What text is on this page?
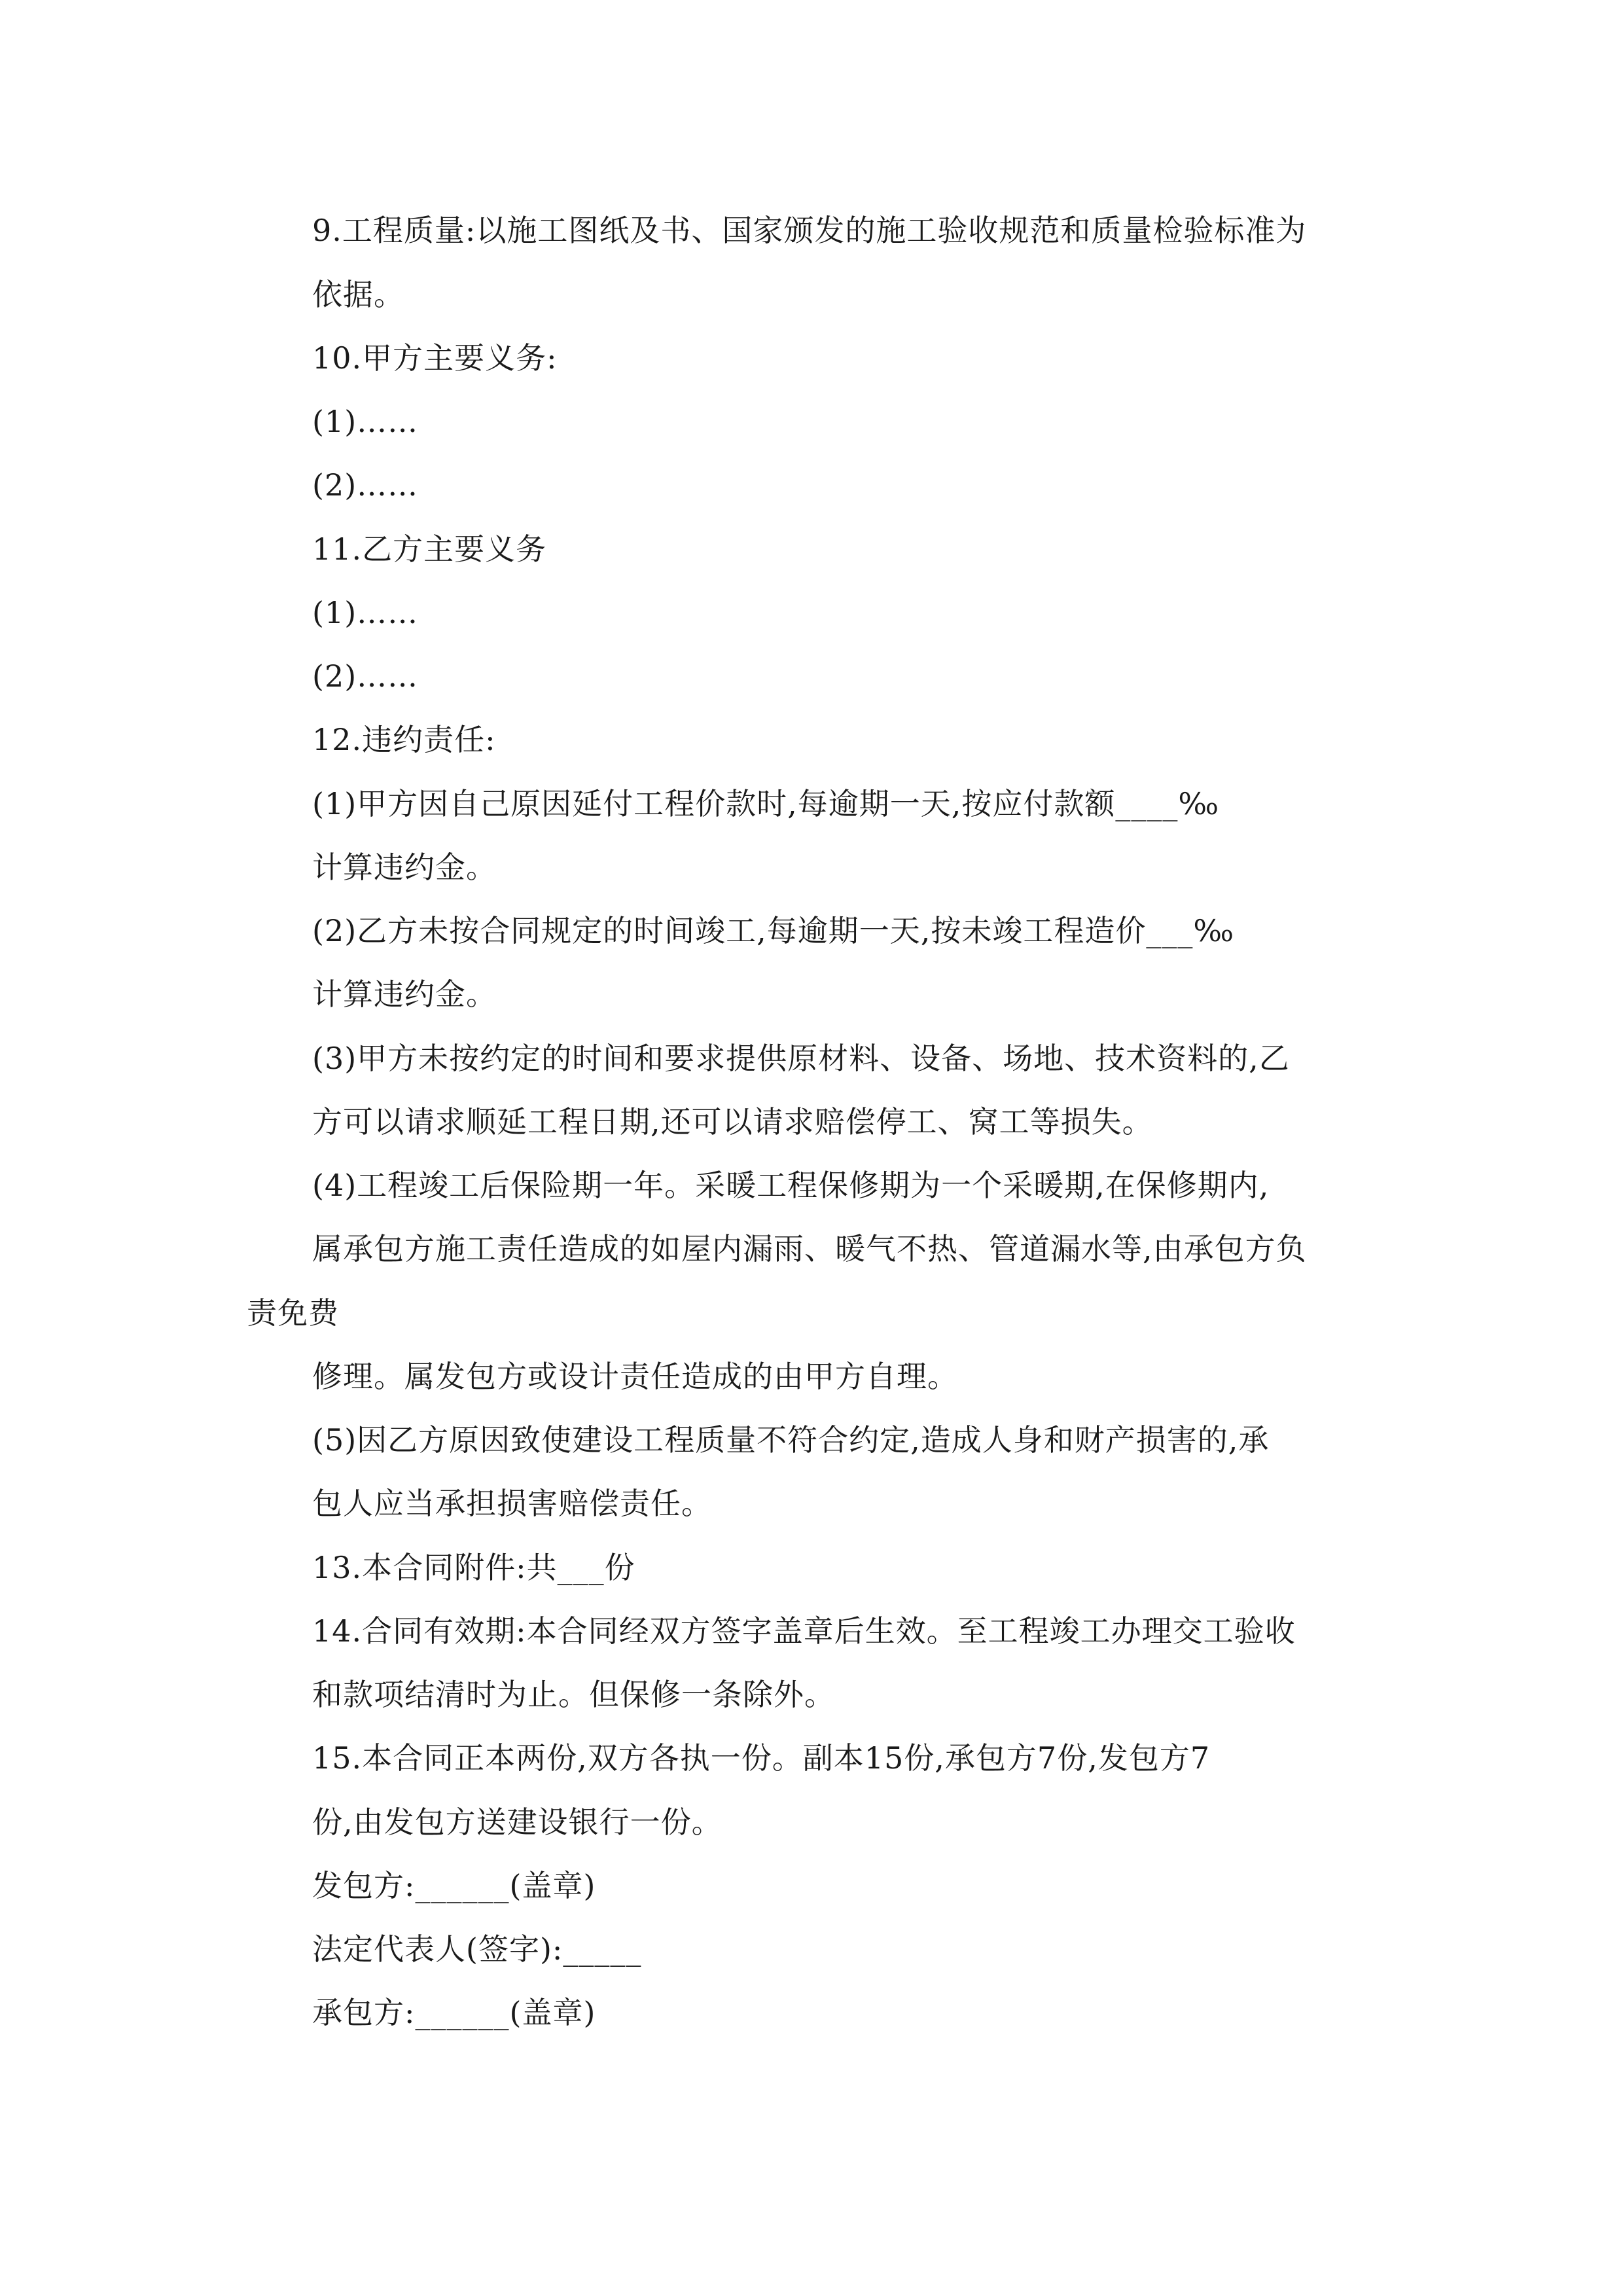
9.工程质量:以施工图纸及书、国家颁发的施工验收规范和质量检验标准为
依据。
10.甲方主要义务:
(1)……
(2)……
11.乙方主要义务
(1)……
(2)……
12.违约责任:
(1)甲方因自己原因延付工程价款时,每逾期一天,按应付款额____‰
计算违约金。
(2)乙方未按合同规定的时间竣工,每逾期一天,按未竣工程造价___‰
计算违约金。
(3)甲方未按约定的时间和要求提供原材料、设备、场地、技术资料的,乙
方可以请求顺延工程日期,还可以请求赔偿停工、窝工等损失。
(4)工程竣工后保险期一年。采暖工程保修期为一个采暖期,在保修期内,
属承包方施工责任造成的如屋内漏雨、暖气不热、管道漏水等,由承包方负
责免费
修理。属发包方或设计责任造成的由甲方自理。
(5)因乙方原因致使建设工程质量不符合约定,造成人身和财产损害的,承
包人应当承担损害赔偿责任。
13.本合同附件:共___份
14.合同有效期:本合同经双方签字盖章后生效。至工程竣工办理交工验收
和款项结清时为止。但保修一条除外。
15.本合同正本两份,双方各执一份。副本15份,承包方7份,发包方7
份,由发包方送建设银行一份。
发包方:______(盖章)
法定代表人(签字):_____
承包方:______(盖章)
